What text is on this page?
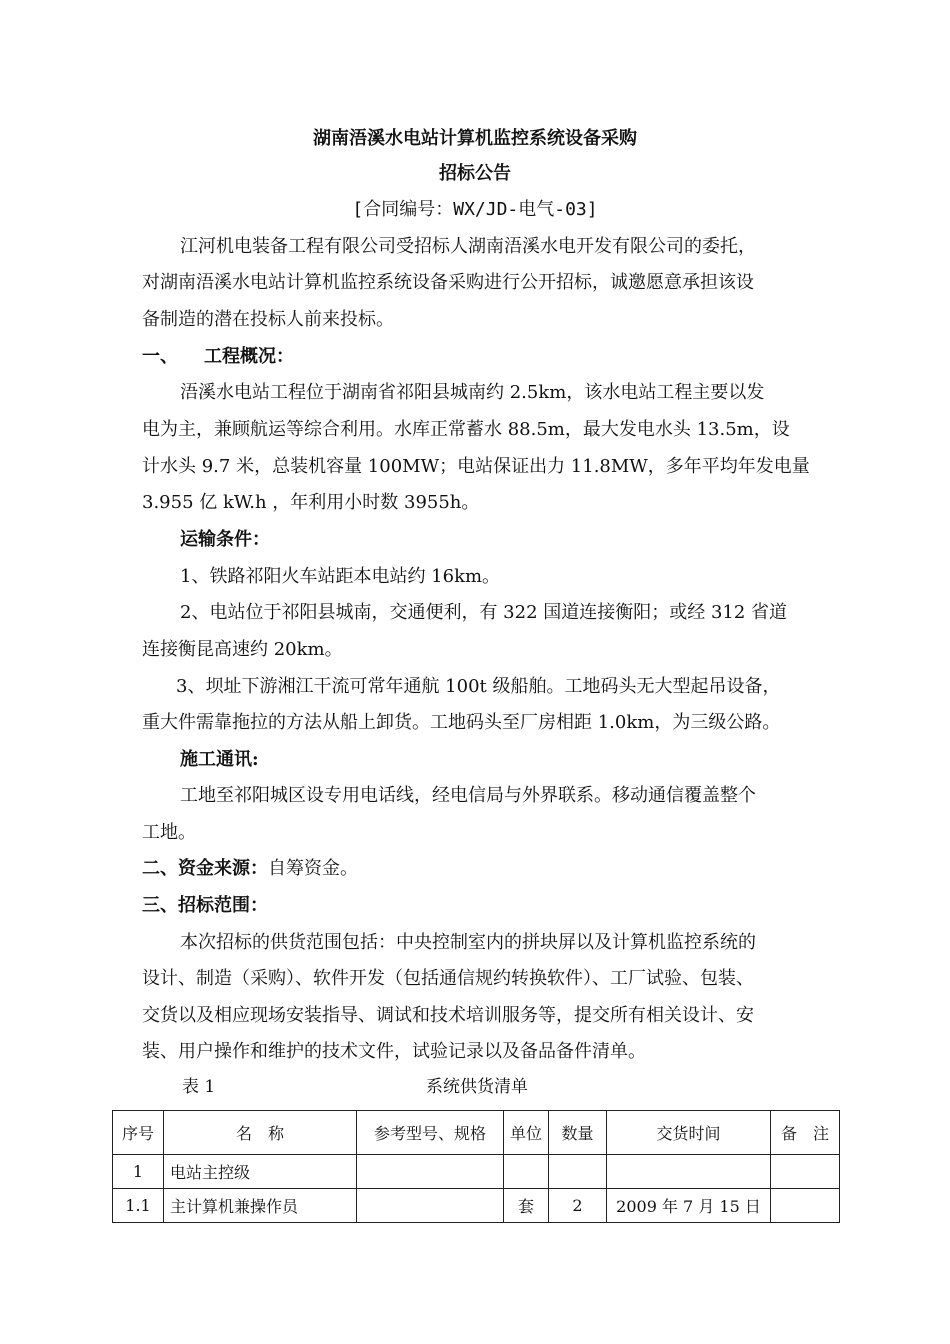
湖南浯溪水电站计算机监控系统设备采购
招标公告
[合同编号：WX/JD-电气-03]
江河机电装备工程有限公司受招标人湖南浯溪水电开发有限公司的委托，
对湖南浯溪水电站计算机监控系统设备采购进行公开招标，诚邀愿意承担该设
备制造的潜在投标人前来投标。
一、 工程概况：
浯溪水电站工程位于湖南省祁阳县城南约 2.5km，该水电站工程主要以发
电为主，兼顾航运等综合利用。水库正常蓄水 88.5m，最大发电水头 13.5m，设
计水头 9.7 米，总装机容量 100MW；电站保证出力 11.8MW，多年平均年发电量
3.955 亿 kW.h ，年利用小时数 3955h。
运输条件：
1、铁路祁阳火车站距本电站约 16km。
2、电站位于祁阳县城南，交通便利，有 322 国道连接衡阳；或经 312 省道
连接衡昆高速约 20km。
3、坝址下游湘江干流可常年通航 100t 级船舶。工地码头无大型起吊设备，
重大件需靠拖拉的方法从船上卸货。工地码头至厂房相距 1.0km，为三级公路。
施工通讯:
工地至祁阳城区设专用电话线，经电信局与外界联系。移动通信覆盖整个
工地。
二、资金来源：自筹资金。
三、招标范围：
本次招标的供货范围包括：中央控制室内的拼块屏以及计算机监控系统的
设计、制造（采购）、软件开发（包括通信规约转换软件）、工厂试验、包装、
交货以及相应现场安装指导、调试和技术培训服务等，提交所有相关设计、安
装、用户操作和维护的技术文件，试验记录以及备品备件清单。
表 1	系统供货清单
序号	名　称	参考型号、规格	单位	数量	交货时间	备　注
1	电站主控级					
1.1	主计算机兼操作员		套	2	2009 年 7 月 15 日	
